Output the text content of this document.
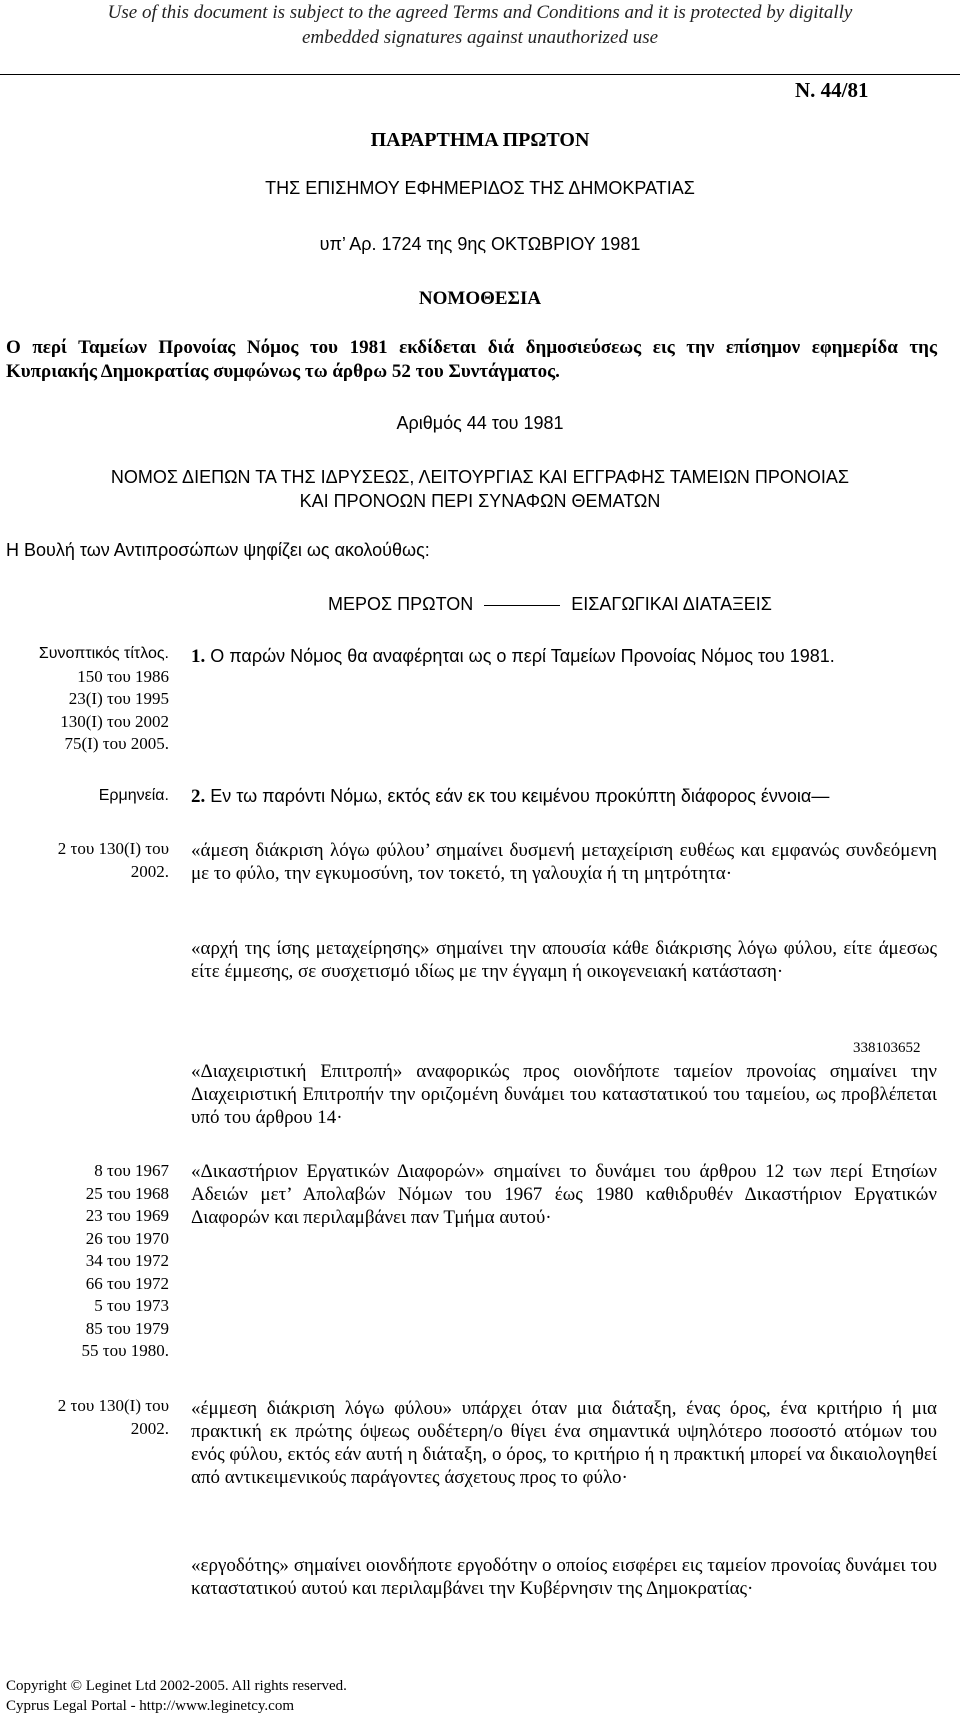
Use of this document is subject to the agreed Terms and Conditions and it is protected by digitally
embedded signatures against unauthorized use
N. 44/81
ΠΑΡΑΡΤΗΜΑ ΠΡΩΤΟΝ
ΤΗΣ ΕΠΙΣΗΜΟΥ ΕΦΗΜΕΡΙΔΟΣ ΤΗΣ ΔΗΜΟΚΡΑΤΙΑΣ
υπ’ Αρ. 1724 της 9ης ΟΚΤΩΒΡΙΟΥ 1981
ΝΟΜΟΘΕΣΙΑ
Ο περί Ταμείων Προνοίας Νόμος του 1981 εκδίδεται διά δημοσιεύσεως εις την επίσημον εφημερίδα της Κυπριακής Δημοκρατίας συμφώνως τω άρθρω 52 του Συντάγματος.
Αριθμός 44 του 1981
ΝΟΜΟΣ ΔΙΕΠΩΝ ΤΑ ΤΗΣ ΙΔΡΥΣΕΩΣ, ΛΕΙΤΟΥΡΓΙΑΣ ΚΑΙ ΕΓΓΡΑΦΗΣ ΤΑΜΕΙΩΝ ΠΡΟΝΟΙΑΣ
ΚΑΙ ΠΡΟΝΟΩΝ ΠΕΡΙ ΣΥΝΑΦΩΝ ΘΕΜΑΤΩΝ
Η Βουλή των Αντιπροσώπων ψηφίζει ως ακολούθως:
ΜΕΡΟΣ ΠΡΩΤΟΝ	ΕΙΣΑΓΩΓΙΚΑΙ ΔΙΑΤΑΞΕΙΣ
Συνοπτικός τίτλος.
150 του 1986
23(Ι) του 1995
130(Ι) του 2002
75(Ι) του 2005.
Ερμηνεία.
2 του 130(Ι) του
2002.
8 του 1967
25 του 1968
23 του 1969
26 του 1970
34 του 1972
66 του 1972
5 του 1973
85 του 1979
55 του 1980.
2 του 130(Ι) του
2002.
1. Ο παρών Νόμος θα αναφέρηται ως ο περί Ταμείων Προνοίας Νόμος του 1981.
2. Εν τω παρόντι Νόμω, εκτός εάν εκ του κειμένου προκύπτη διάφορος έννοια—
«άμεση διάκριση λόγω φύλου’ σημαίνει δυσμενή μεταχείριση ευθέως και εμφανώς συνδεόμενη με το φύλο, την εγκυμοσύνη, τον τοκετό, τη γαλουχία ή τη μητρότητα·
«αρχή της ίσης μεταχείρησης» σημαίνει την απουσία κάθε διάκρισης λόγω φύλου, είτε άμεσως είτε έμμεσης, σε συσχετισμό ιδίως με την έγγαμη ή οικογενειακή κατάσταση·
338103652
«Διαχειριστική Επιτροπή» αναφορικώς προς οιονδήποτε ταμείον προνοίας σημαίνει την Διαχειριστική Επιτροπήν την οριζομένη δυνάμει του καταστατικού του ταμείου, ως προβλέπεται υπό του άρθρου 14·
«Δικαστήριον Εργατικών Διαφορών» σημαίνει το δυνάμει του άρθρου 12 των περί Ετησίων Αδειών μετ’ Απολαβών Νόμων του 1967 έως 1980 καθιδρυθέν Δικαστήριον Εργατικών Διαφορών και περιλαμβάνει παν Τμήμα αυτού·
«έμμεση διάκριση λόγω φύλου» υπάρχει όταν μια διάταξη, ένας όρος, ένα κριτήριο ή μια πρακτική εκ πρώτης όψεως ουδέτερη/ο θίγει ένα σημαντικά υψηλότερο ποσοστό ατόμων του ενός φύλου, εκτός εάν αυτή η διάταξη, ο όρος, το κριτήριο ή η πρακτική μπορεί να δικαιολογηθεί από αντικειμενικούς παράγοντες άσχετους προς το φύλο·
«εργοδότης» σημαίνει οιονδήποτε εργοδότην ο οποίος εισφέρει εις ταμείον προνοίας δυνάμει του καταστατικού αυτού και περιλαμβάνει την Κυβέρνησιν της Δημοκρατίας·
Copyright © Leginet Ltd 2002-2005. All rights reserved.
Cyprus Legal Portal - http://www.leginetcy.com
